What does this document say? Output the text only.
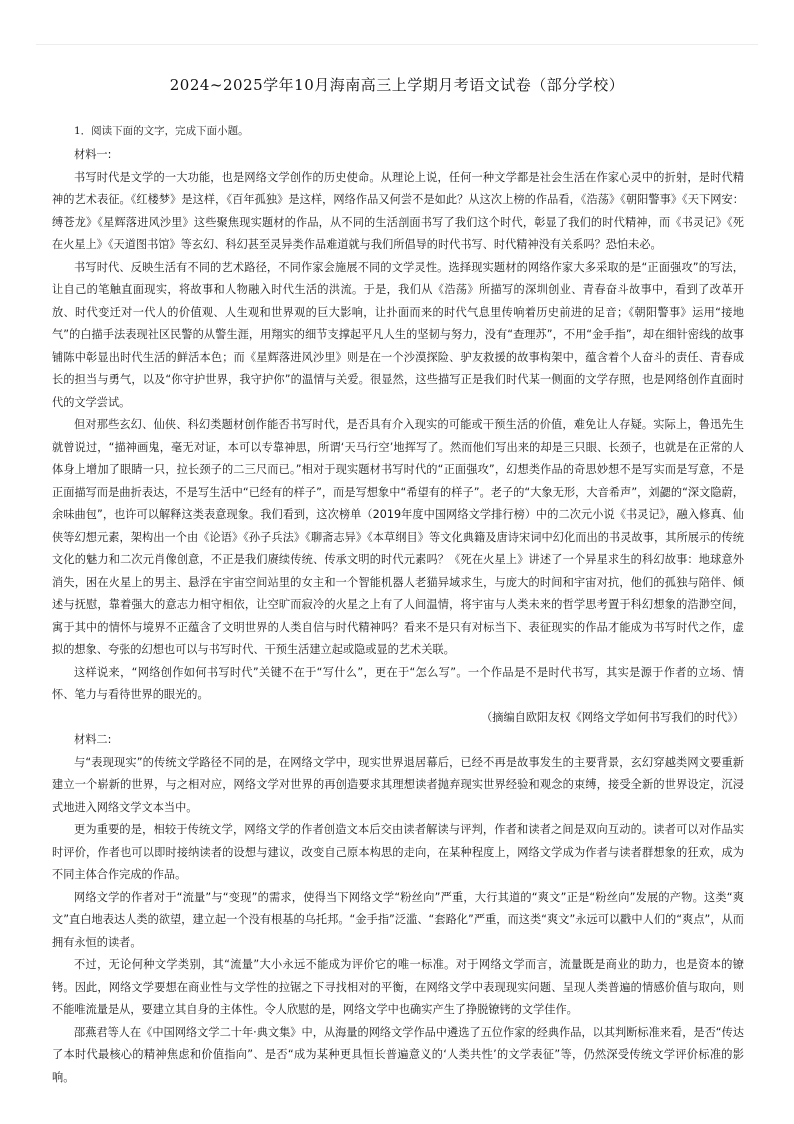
2024~2025学年10月海南高三上学期月考语文试卷（部分学校）

1．阅读下面的文字，完成下面小题。

材料一:

书写时代是文学的一大功能，也是网络文学创作的历史使命。从理论上说，任何一种文学都是社会生活在作家心灵中的折射，是时代精神的艺术表征。《红楼梦》是这样，《百年孤独》是这样，网络作品又何尝不是如此？从这次上榜的作品看，《浩荡》《朝阳警事》《天下网安：缚苍龙》《星辉落进风沙里》这些聚焦现实题材的作品，从不同的生活剖面书写了我们这个时代，彰显了我们的时代精神，而《书灵记》《死在火星上》《天道图书馆》等玄幻、科幻甚至灵异类作品难道就与我们所倡导的时代书写、时代精神没有关系吗？恐怕未必。

书写时代、反映生活有不同的艺术路径，不同作家会施展不同的文学灵性。选择现实题材的网络作家大多采取的是“正面强攻”的写法，让自己的笔触直面现实，将故事和人物融入时代生活的洪流。于是，我们从《浩荡》所描写的深圳创业、青春奋斗故事中，看到了改革开放、时代变迁对一代人的价值观、人生观和世界观的巨大影响，让扑面而来的时代气息里传响着历史前进的足音；《朝阳警事》运用“接地气”的白描手法表现社区民警的从警生涯，用翔实的细节支撑起平凡人生的坚韧与努力，没有“查理苏”，不用“金手指”，却在细针密线的故事铺陈中彰显出时代生活的鲜活本色；而《星辉落进风沙里》则是在一个沙漠探险、驴友救援的故事构架中，蕴含着个人奋斗的责任、青春成长的担当与勇气，以及“你守护世界，我守护你”的温情与关爱。很显然，这些描写正是我们时代某一侧面的文学存照，也是网络创作直面时代的文学尝试。

但对那些玄幻、仙侠、科幻类题材创作能否书写时代，是否具有介入现实的可能或干预生活的价值，难免让人存疑。实际上，鲁迅先生就曾说过，“描神画鬼，毫无对证，本可以专靠神思，所谓‘天马行空’地挥写了。然而他们写出来的却是三只眼、长颈子，也就是在正常的人体身上增加了眼睛一只，拉长颈子的二三尺而已。”相对于现实题材书写时代的“正面强攻”，幻想类作品的奇思妙想不是写实而是写意，不是正面描写而是曲折表达，不是写生活中“已经有的样子”，而是写想象中“希望有的样子”。老子的“大象无形，大音希声”，刘勰的“深文隐蔚，余味曲包”，也许可以解释这类表意现象。我们看到，这次榜单（2019年度中国网络文学排行榜）中的二次元小说《书灵记》，融入修真、仙侠等幻想元素，架构出一个由《论语》《孙子兵法》《聊斋志异》《本草纲目》等文化典籍及唐诗宋词中幻化而出的书灵故事，其所展示的传统文化的魅力和二次元肖像创意，不正是我们赓续传统、传承文明的时代元素吗？《死在火星上》讲述了一个异星求生的科幻故事：地球意外消失，困在火星上的男主、悬浮在宇宙空间站里的女主和一个智能机器人老猫异域求生，与庞大的时间和宇宙对抗，他们的孤独与陪伴、倾述与抚慰，靠着强大的意志力相守相依，让空旷而寂冷的火星之上有了人间温情，将宇宙与人类未来的哲学思考置于科幻想象的浩渺空间，寓于其中的情怀与境界不正蕴含了文明世界的人类自信与时代精神吗？看来不是只有对标当下、表征现实的作品才能成为书写时代之作，虚拟的想象、夸张的幻想也可以与书写时代、干预生活建立起或隐或显的艺术关联。

这样说来，“网络创作如何书写时代”关键不在于“写什么”，更在于“怎么写”。一个作品是不是时代书写，其实是源于作者的立场、情怀、笔力与看待世界的眼光的。

（摘编自欧阳友权《网络文学如何书写我们的时代》）

材料二:

与“表现现实”的传统文学路径不同的是，在网络文学中，现实世界退居幕后，已经不再是故事发生的主要背景，玄幻穿越类网文要重新建立一个崭新的世界，与之相对应，网络文学对世界的再创造要求其理想读者抛弃现实世界经验和观念的束缚，接受全新的世界设定，沉浸式地进入网络文学文本当中。

更为重要的是，相较于传统文学，网络文学的作者创造文本后交由读者解读与评判，作者和读者之间是双向互动的。读者可以对作品实时评价，作者也可以即时接纳读者的设想与建议，改变自己原本构思的走向，在某种程度上，网络文学成为作者与读者群想象的狂欢，成为不同主体合作完成的作品。

网络文学的作者对于“流量”与“变现”的需求，使得当下网络文学“粉丝向”严重，大行其道的“爽文”正是“粉丝向”发展的产物。这类“爽文”直白地表达人类的欲望，建立起一个没有根基的乌托邦。“金手指”泛滥、“套路化”严重，而这类“爽文”永远可以戳中人们的“爽点”，从而拥有永恒的读者。

不过，无论何种文学类别，其“流量”大小永远不能成为评价它的唯一标准。对于网络文学而言，流量既是商业的助力，也是资本的镣铐。因此，网络文学要想在商业性与文学性的拉锯之下寻找相对的平衡，在网络文学中表现现实问题、呈现人类普遍的情感价值与取向，则不能唯流量是从，要建立其自身的主体性。令人欣慰的是，网络文学中也确实产生了挣脱镣铐的文学佳作。

邵燕君等人在《中国网络文学二十年·典文集》中，从海量的网络文学作品中遴选了五位作家的经典作品，以其判断标准来看，是否“传达了本时代最核心的精神焦虑和价值指向”、是否“成为某种更具恒长普遍意义的‘人类共性’的文学表征”等，仍然深受传统文学评价标准的影响。
